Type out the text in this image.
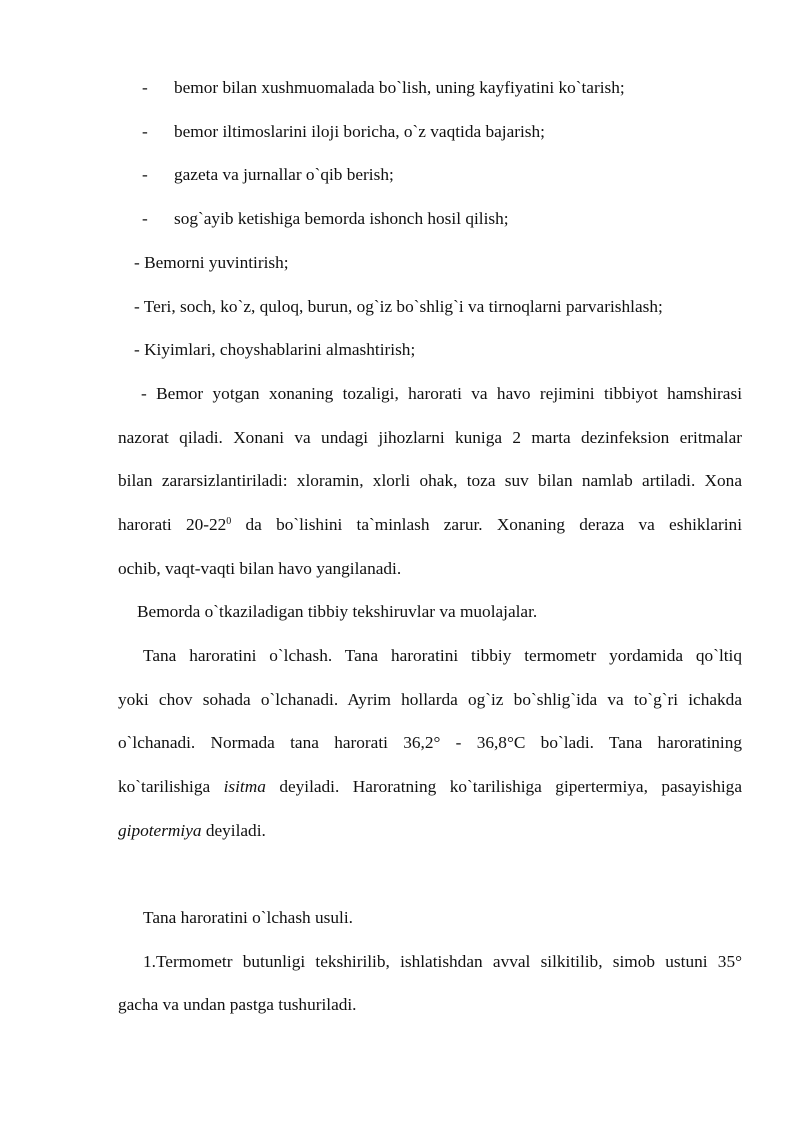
- bemor bilan xushmuomalada bo`lish, uning kayfiyatini ko`tarish;
- bemor iltimoslarini iloji boricha, o`z vaqtida bajarish;
- gazeta va jurnallar o`qib berish;
- sog`ayib ketishiga bemorda ishonch hosil qilish;
- Bemorni yuvintirish;
- Teri, soch, ko`z, quloq, burun, og`iz bo`shlig`i va tirnoqlarni parvarishlash;
- Kiyimlari, choyshablarini almashtirish;
- Bemor yotgan xonaning tozaligi, harorati va havo rejimini tibbiyot hamshirasi
nazorat qiladi. Xonani va undagi jihozlarni kuniga 2 marta dezinfeksion eritmalar
bilan zararsizlantiriladi: xloramin, xlorli ohak, toza suv bilan namlab artiladi. Xona
harorati $20-22^0$ da bo`lishini ta`minlash zarur. Xonaning deraza va eshiklarini
ochib, vaqt-vaqti bilan havo yangilanadi.
Bemorda o`tkaziladigan tibbiy tekshiruvlar va muolajalar.
Tana haroratini o`lchash. Tana haroratini tibbiy termometr yordamida qo`ltiq
yoki chov sohada o`lchanadi. Ayrim hollarda og`iz bo`shlig`ida va to`g`ri ichakda
o`lchanadi. Normada tana harorati 36,2° - 36,8°C bo`ladi. Tana haroratining
ko`tarilishiga isitma deyiladi. Haroratning ko`tarilishiga gipertermiya, pasayishiga
gipotermiya deyiladi.
Tana haroratini o`lchash usuli.
1.Termometr butunligi tekshirilib, ishlatishdan avval silkitilib, simob ustuni 35°
gacha va undan pastga tushuriladi.
